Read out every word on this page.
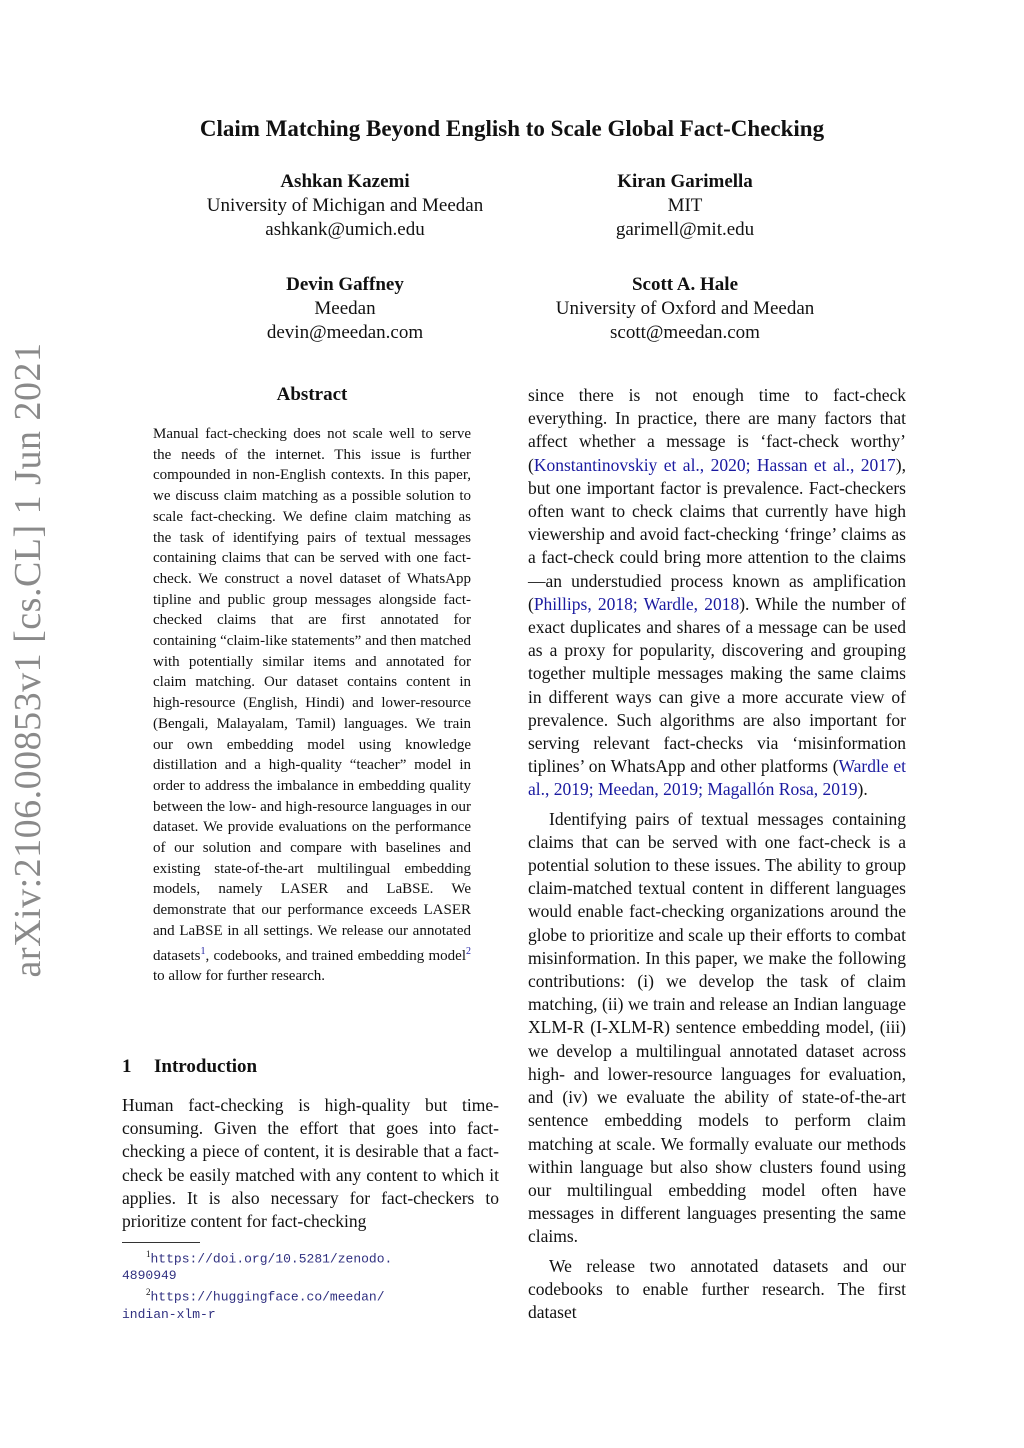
arXiv:2106.00853v1 [cs.CL] 1 Jun 2021
Claim Matching Beyond English to Scale Global Fact-Checking
Ashkan Kazemi
University of Michigan and Meedan
ashkank@umich.edu
Kiran Garimella
MIT
garimell@mit.edu
Devin Gaffney
Meedan
devin@meedan.com
Scott A. Hale
University of Oxford and Meedan
scott@meedan.com
Abstract
Manual fact-checking does not scale well to serve the needs of the internet. This issue is further compounded in non-English contexts. In this paper, we discuss claim matching as a possible solution to scale fact-checking. We define claim matching as the task of identifying pairs of textual messages containing claims that can be served with one fact-check. We construct a novel dataset of WhatsApp tipline and public group messages alongside fact-checked claims that are first annotated for containing “claim-like statements” and then matched with potentially similar items and annotated for claim matching. Our dataset contains content in high-resource (English, Hindi) and lower-resource (Bengali, Malayalam, Tamil) languages. We train our own embedding model using knowledge distillation and a high-quality “teacher” model in order to address the imbalance in embedding quality between the low- and high-resource languages in our dataset. We provide evaluations on the performance of our solution and compare with baselines and existing state-of-the-art multilingual embedding models, namely LASER and LaBSE. We demonstrate that our performance exceeds LASER and LaBSE in all settings. We release our annotated datasets$^1$, codebooks, and trained embedding model$^2$ to allow for further research.
1 Introduction
Human fact-checking is high-quality but time-consuming. Given the effort that goes into fact-checking a piece of content, it is desirable that a fact-check be easily matched with any content to which it applies. It is also necessary for fact-checkers to prioritize content for fact-checking

$^1$https://doi.org/10.5281/zenodo.

4890949

$^2$https://huggingface.co/meedan/

indian-xlm-r

since there is not enough time to fact-check everything. In practice, there are many factors that affect whether a message is ‘fact-check worthy’ (Konstantinovskiy et al., 2020; Hassan et al., 2017), but one important factor is prevalence. Fact-checkers often want to check claims that currently have high viewership and avoid fact-checking ‘fringe’ claims as a fact-check could bring more attention to the claims—an understudied process known as amplification (Phillips, 2018; Wardle, 2018). While the number of exact duplicates and shares of a message can be used as a proxy for popularity, discovering and grouping together multiple messages making the same claims in different ways can give a more accurate view of prevalence. Such algorithms are also important for serving relevant fact-checks via ‘misinformation tiplines’ on WhatsApp and other platforms (Wardle et al., 2019; Meedan, 2019; Magallón Rosa, 2019).

Identifying pairs of textual messages containing claims that can be served with one fact-check is a potential solution to these issues. The ability to group claim-matched textual content in different languages would enable fact-checking organizations around the globe to prioritize and scale up their efforts to combat misinformation. In this paper, we make the following contributions: (i) we develop the task of claim matching, (ii) we train and release an Indian language XLM-R (I-XLM-R) sentence embedding model, (iii) we develop a multilingual annotated dataset across high- and lower-resource languages for evaluation, and (iv) we evaluate the ability of state-of-the-art sentence embedding models to perform claim matching at scale. We formally evaluate our methods within language but also show clusters found using our multilingual embedding model often have messages in different languages presenting the same claims.

We release two annotated datasets and our codebooks to enable further research. The first dataset
